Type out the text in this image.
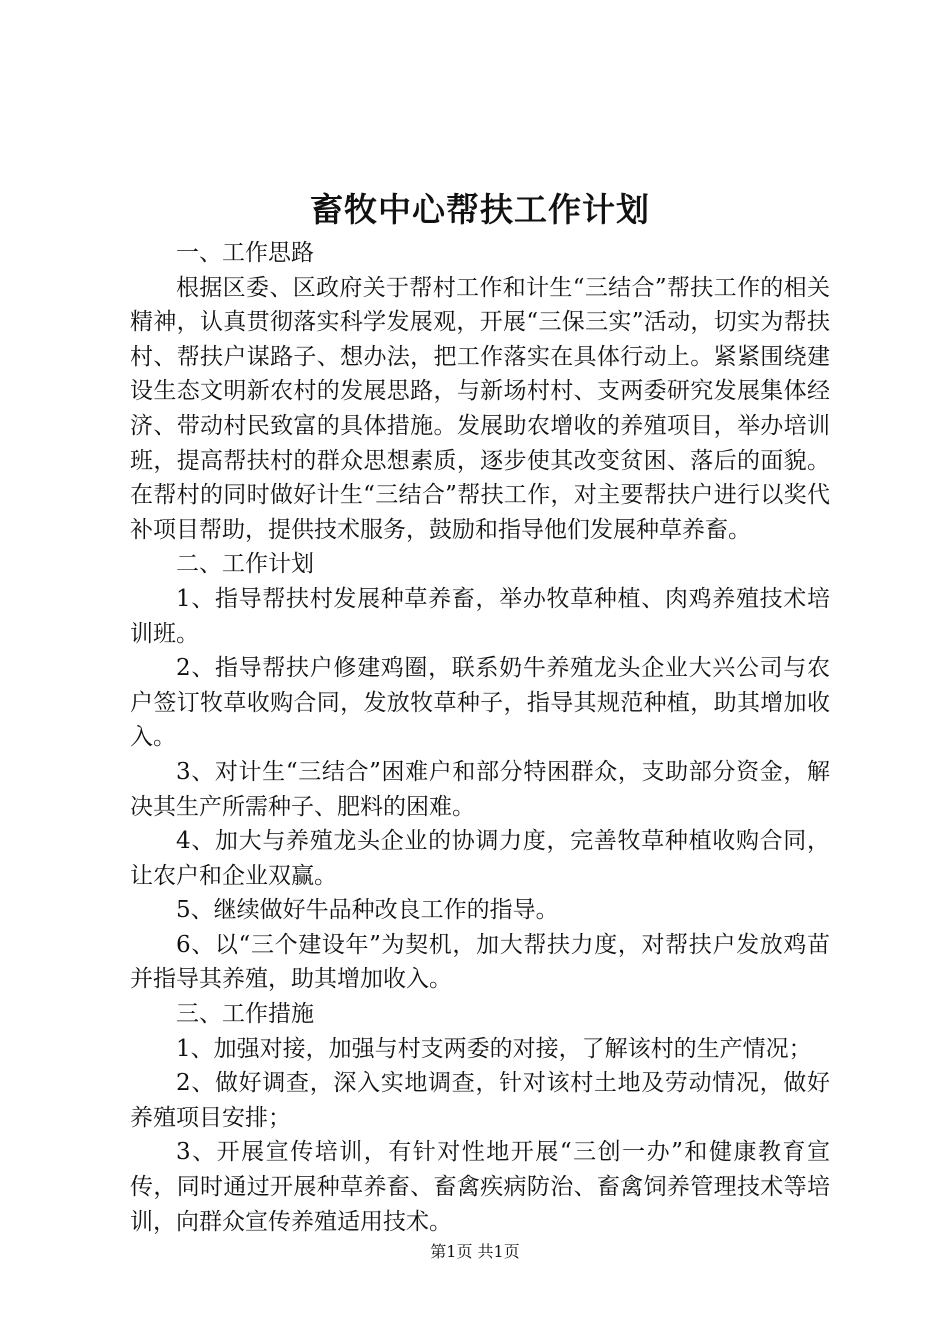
畜牧中心帮扶工作计划

一、工作思路

根据区委、区政府关于帮村工作和计生“三结合”帮扶工作的相关精神，认真贯彻落实科学发展观，开展“三保三实”活动，切实为帮扶村、帮扶户谋路子、想办法，把工作落实在具体行动上。紧紧围绕建设生态文明新农村的发展思路，与新场村村、支两委研究发展集体经济、带动村民致富的具体措施。发展助农增收的养殖项目，举办培训班，提高帮扶村的群众思想素质，逐步使其改变贫困、落后的面貌。在帮村的同时做好计生“三结合”帮扶工作，对主要帮扶户进行以奖代补项目帮助，提供技术服务，鼓励和指导他们发展种草养畜。

二、工作计划

1、指导帮扶村发展种草养畜，举办牧草种植、肉鸡养殖技术培训班。

2、指导帮扶户修建鸡圈，联系奶牛养殖龙头企业大兴公司与农户签订牧草收购合同，发放牧草种子，指导其规范种植，助其增加收入。

3、对计生“三结合”困难户和部分特困群众，支助部分资金，解决其生产所需种子、肥料的困难。

4、加大与养殖龙头企业的协调力度，完善牧草种植收购合同，让农户和企业双赢。

5、继续做好牛品种改良工作的指导。

6、以“三个建设年”为契机，加大帮扶力度，对帮扶户发放鸡苗并指导其养殖，助其增加收入。

三、工作措施

1、加强对接，加强与村支两委的对接，了解该村的生产情况；

2、做好调查，深入实地调查，针对该村土地及劳动情况，做好养殖项目安排；

3、开展宣传培训，有针对性地开展“三创一办”和健康教育宣传，同时通过开展种草养畜、畜禽疾病防治、畜禽饲养管理技术等培训，向群众宣传养殖适用技术。

第1页 共1页
